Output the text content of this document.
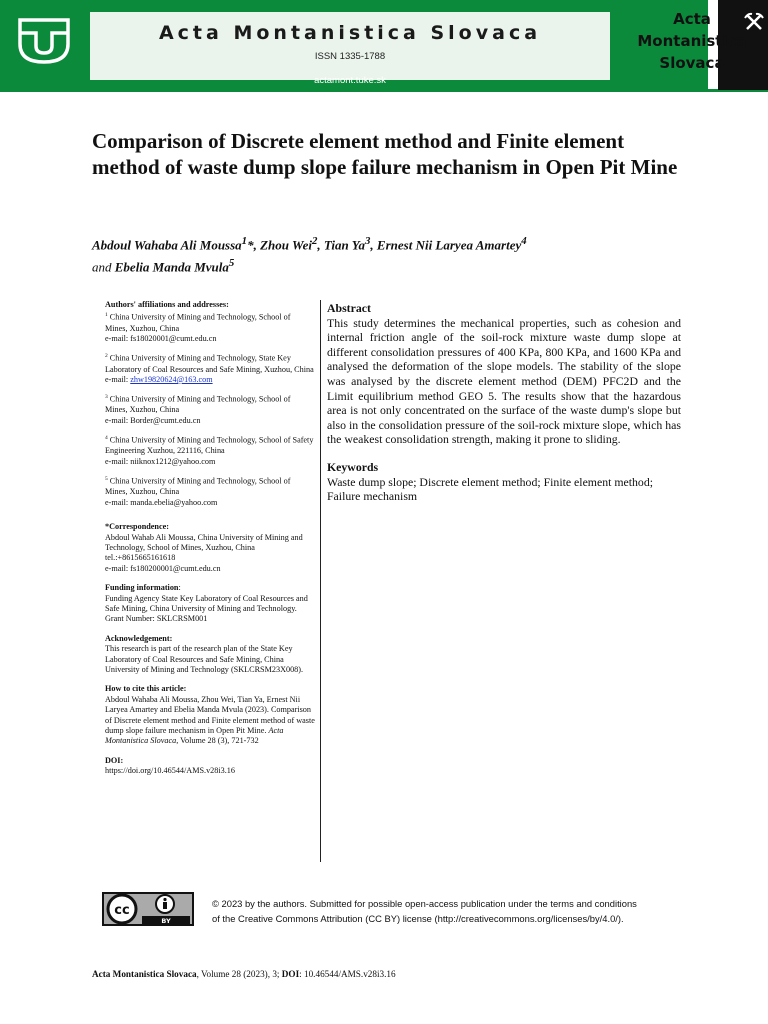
Acta Montanistica Slovaca
ISSN 1335-1788
actamont.tuke.sk
Acta
Montanistica
Slovaca
Comparison of Discrete element method and Finite element method of waste dump slope failure mechanism in Open Pit Mine
Abdoul Wahaba Ali Moussa$^1$*, Zhou Wei$^2$, Tian Ya$^3$, Ernest Nii Laryea Amartey$^4$
and Ebelia Manda Mvula$^5$
Authors' affiliations and addresses:
$^1$ China University of Mining and Technology, School of Mines, Xuzhou, China
e-mail: fs18020001@cumt.edu.cn
$^2$ China University of Mining and Technology, State Key Laboratory of Coal Resources and Safe Mining, Xuzhou, China
e-mail: zhw19820624@163.com
$^3$ China University of Mining and Technology, School of Mines, Xuzhou, China
e-mail: Border@cumt.edu.cn
$^4$ China University of Mining and Technology, School of Safety Engineering Xuzhou, 221116, China
e-mail: niiknox1212@yahoo.com
$^5$ China University of Mining and Technology, School of Mines, Xuzhou, China
e-mail: manda.ebelia@yahoo.com
*Correspondence:
Abdoul Wahab Ali Moussa, China University of Mining and Technology, School of Mines, Xuzhou, China
tel.:+8615665161618
e-mail: fs180200001@cumt.edu.cn
Funding information:
Funding Agency State Key Laboratory of Coal Resources and Safe Mining, China University of Mining and Technology.
Grant Number: SKLCRSM001
Acknowledgement:
This research is part of the research plan of the State Key Laboratory of Coal Resources and Safe Mining, China University of Mining and Technology (SKLCRSM23X008).
How to cite this article:
Abdoul Wahaba Ali Moussa, Zhou Wei, Tian Ya, Ernest Nii Laryea Amartey and Ebelia Manda Mvula (2023). Comparison of Discrete element method and Finite element method of waste dump slope failure mechanism in Open Pit Mine. Acta Montanistica Slovaca, Volume 28 (3), 721-732
DOI:
https://doi.org/10.46544/AMS.v28i3.16
Abstract
This study determines the mechanical properties, such as cohesion and internal friction angle of the soil-rock mixture waste dump slope at different consolidation pressures of 400 KPa, 800 KPa, and 1600 KPa and analysed the deformation of the slope models. The stability of the slope was analysed by the discrete element method (DEM) PFC2D and the Limit equilibrium method GEO 5. The results show that the hazardous area is not only concentrated on the surface of the waste dump's slope but also in the consolidation pressure of the soil-rock mixture slope, which has the weakest consolidation strength, making it prone to sliding.
Keywords
Waste dump slope; Discrete element method; Finite element method; Failure mechanism
cc
BY
© 2023 by the authors. Submitted for possible open-access publication under the terms and conditions
of the Creative Commons Attribution (CC BY) license (http://creativecommons.org/licenses/by/4.0/).
Acta Montanistica Slovaca, Volume 28 (2023), 3; DOI: 10.46544/AMS.v28i3.16
